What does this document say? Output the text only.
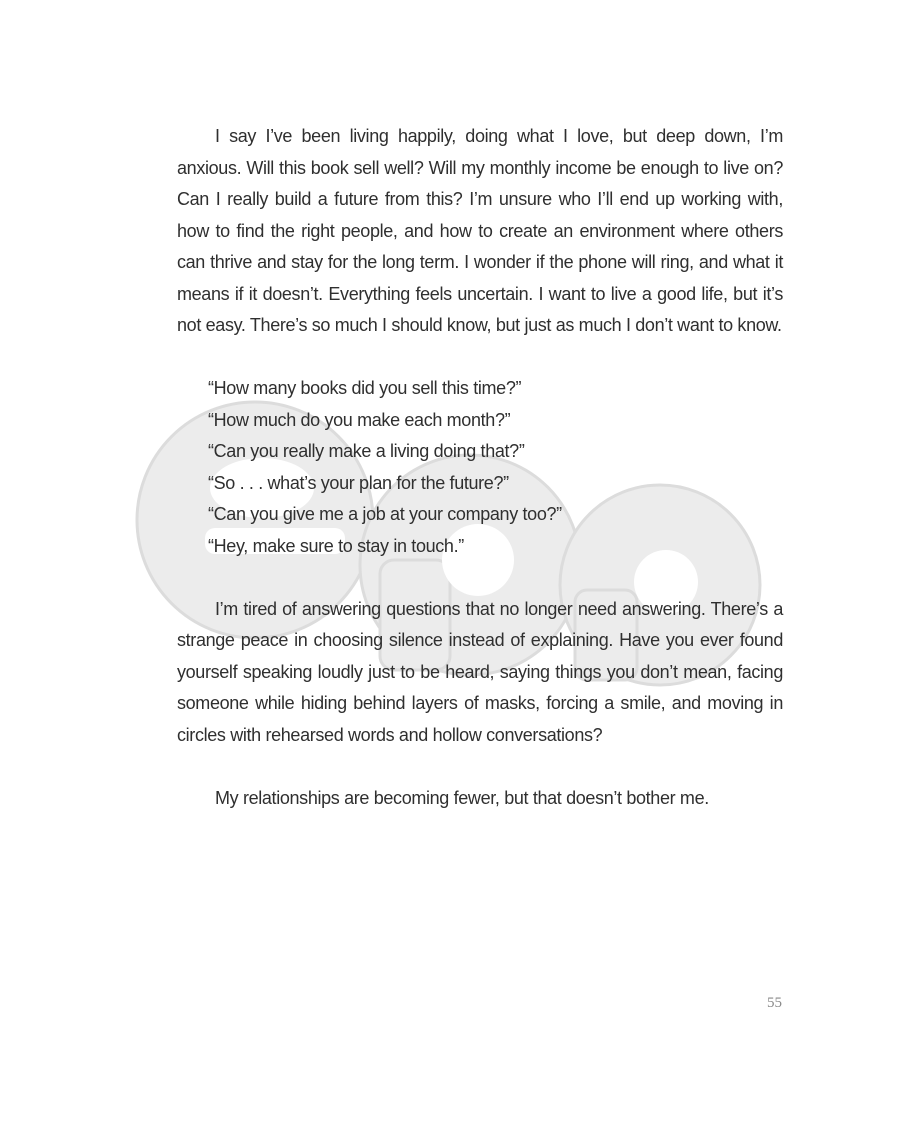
I say I’ve been living happily, doing what I love, but deep down, I’m anxious. Will this book sell well? Will my monthly income be enough to live on? Can I really build a future from this? I’m unsure who I’ll end up working with, how to find the right people, and how to create an environment where others can thrive and stay for the long term. I wonder if the phone will ring, and what it means if it doesn’t. Everything feels uncertain. I want to live a good life, but it’s not easy. There’s so much I should know, but just as much I don’t want to know.

“How many books did you sell this time?”
“How much do you make each month?”
“Can you really make a living doing that?”
“So . . . what’s your plan for the future?”
“Can you give me a job at your company too?”
“Hey, make sure to stay in touch.”

I’m tired of answering questions that no longer need answering. There’s a strange peace in choosing silence instead of explaining. Have you ever found yourself speaking loudly just to be heard, saying things you don’t mean, facing someone while hiding behind layers of masks, forcing a smile, and moving in circles with rehearsed words and hollow conversations?

My relationships are becoming fewer, but that doesn’t bother me.

55
